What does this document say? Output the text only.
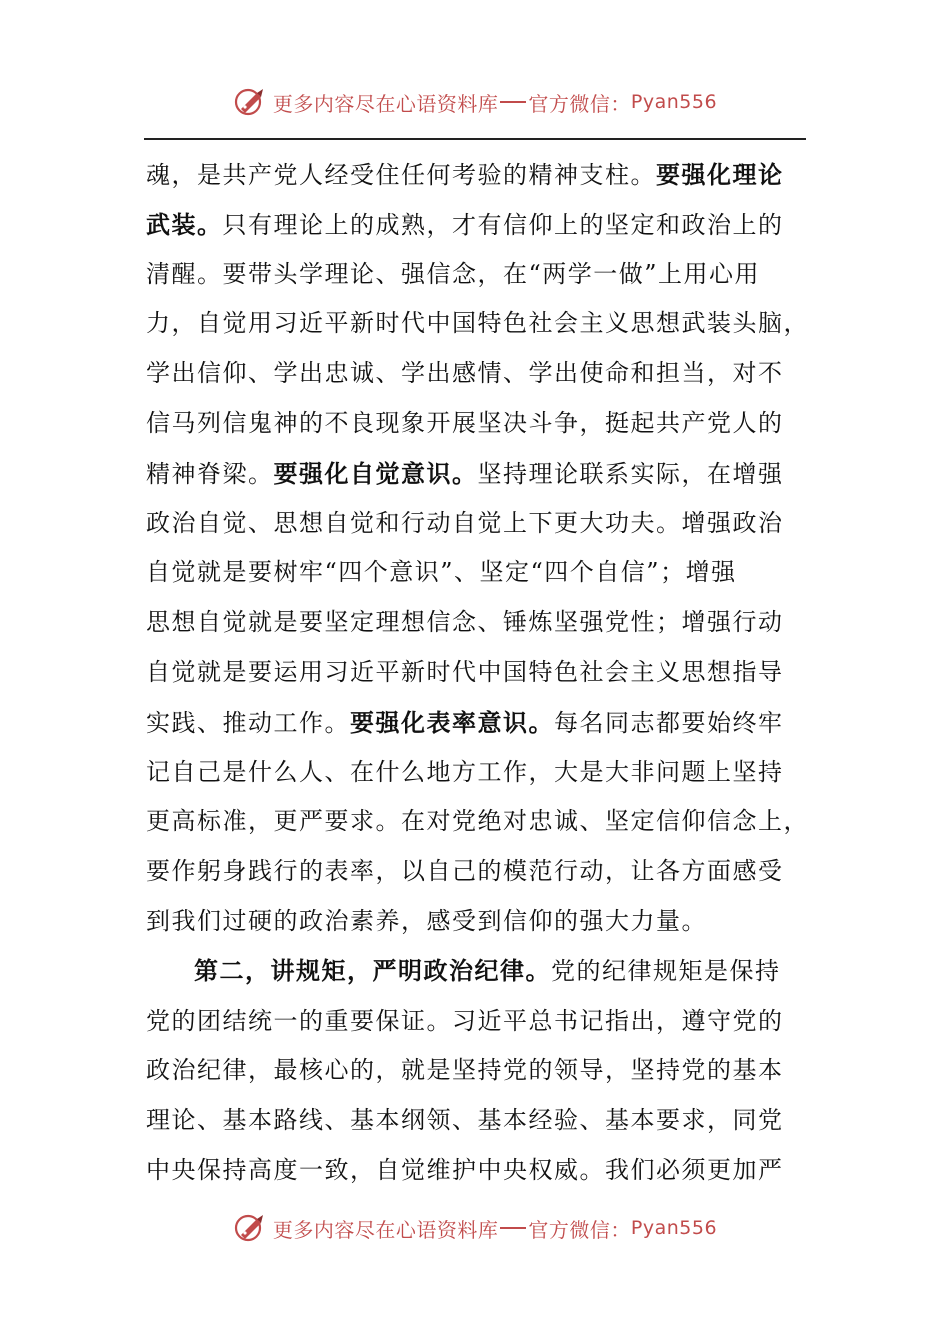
更多内容尽在心语资料库 官方微信： Pyan556
魂，是共产党人经受住任何考验的精神支柱。要强化理论
武装。只有理论上的成熟，才有信仰上的坚定和政治上的
清醒。要带头学理论、强信念，在“两学一做”上用心用
力，自觉用习近平新时代中国特色社会主义思想武装头脑，
学出信仰、学出忠诚、学出感情、学出使命和担当，对不
信马列信鬼神的不良现象开展坚决斗争，挺起共产党人的
精神脊梁。要强化自觉意识。坚持理论联系实际，在增强
政治自觉、思想自觉和行动自觉上下更大功夫。增强政治
自觉就是要树牢“四个意识”、坚定“四个自信”；增强
思想自觉就是要坚定理想信念、锤炼坚强党性；增强行动
自觉就是要运用习近平新时代中国特色社会主义思想指导
实践、推动工作。要强化表率意识。每名同志都要始终牢
记自己是什么人、在什么地方工作，大是大非问题上坚持
更高标准，更严要求。在对党绝对忠诚、坚定信仰信念上，
要作躬身践行的表率，以自己的模范行动，让各方面感受
到我们过硬的政治素养，感受到信仰的强大力量。
第二，讲规矩，严明政治纪律。党的纪律规矩是保持
党的团结统一的重要保证。习近平总书记指出，遵守党的
政治纪律，最核心的，就是坚持党的领导，坚持党的基本
理论、基本路线、基本纲领、基本经验、基本要求，同党
中央保持高度一致，自觉维护中央权威。我们必须更加严
更多内容尽在心语资料库 官方微信： Pyan556
